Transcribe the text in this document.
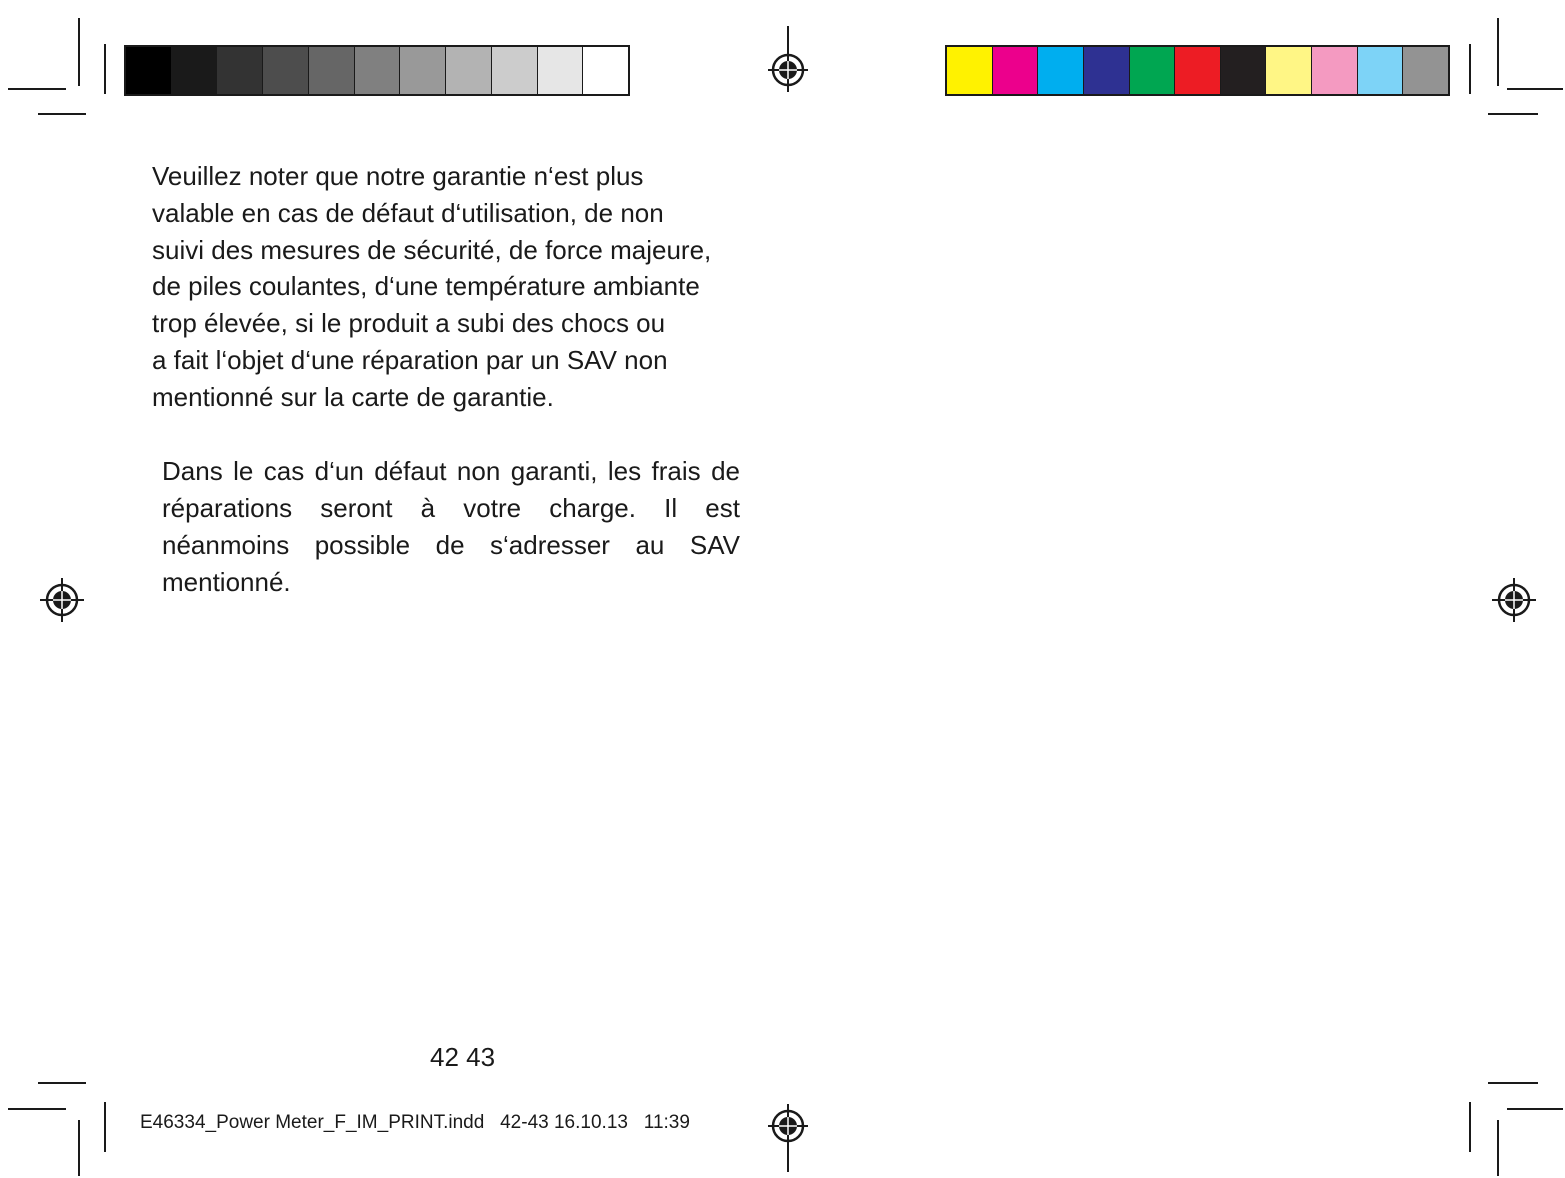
Veuillez noter que notre garantie n‘est plus
valable en cas de défaut d‘utilisation, de non
suivi des mesures de sécurité, de force majeure,
de piles coulantes, d‘une température ambiante
trop élevée, si le produit a subi des chocs ou
a fait l‘objet d‘une réparation par un SAV non
mentionné sur la carte de garantie.
Dans le cas d‘un défaut non garanti, les frais de réparations seront à votre charge. Il est néanmoins possible de s‘adresser au SAV mentionné.
42 43
E46334_Power Meter_F_IM_PRINT.indd   42-43 16.10.13   11:39
